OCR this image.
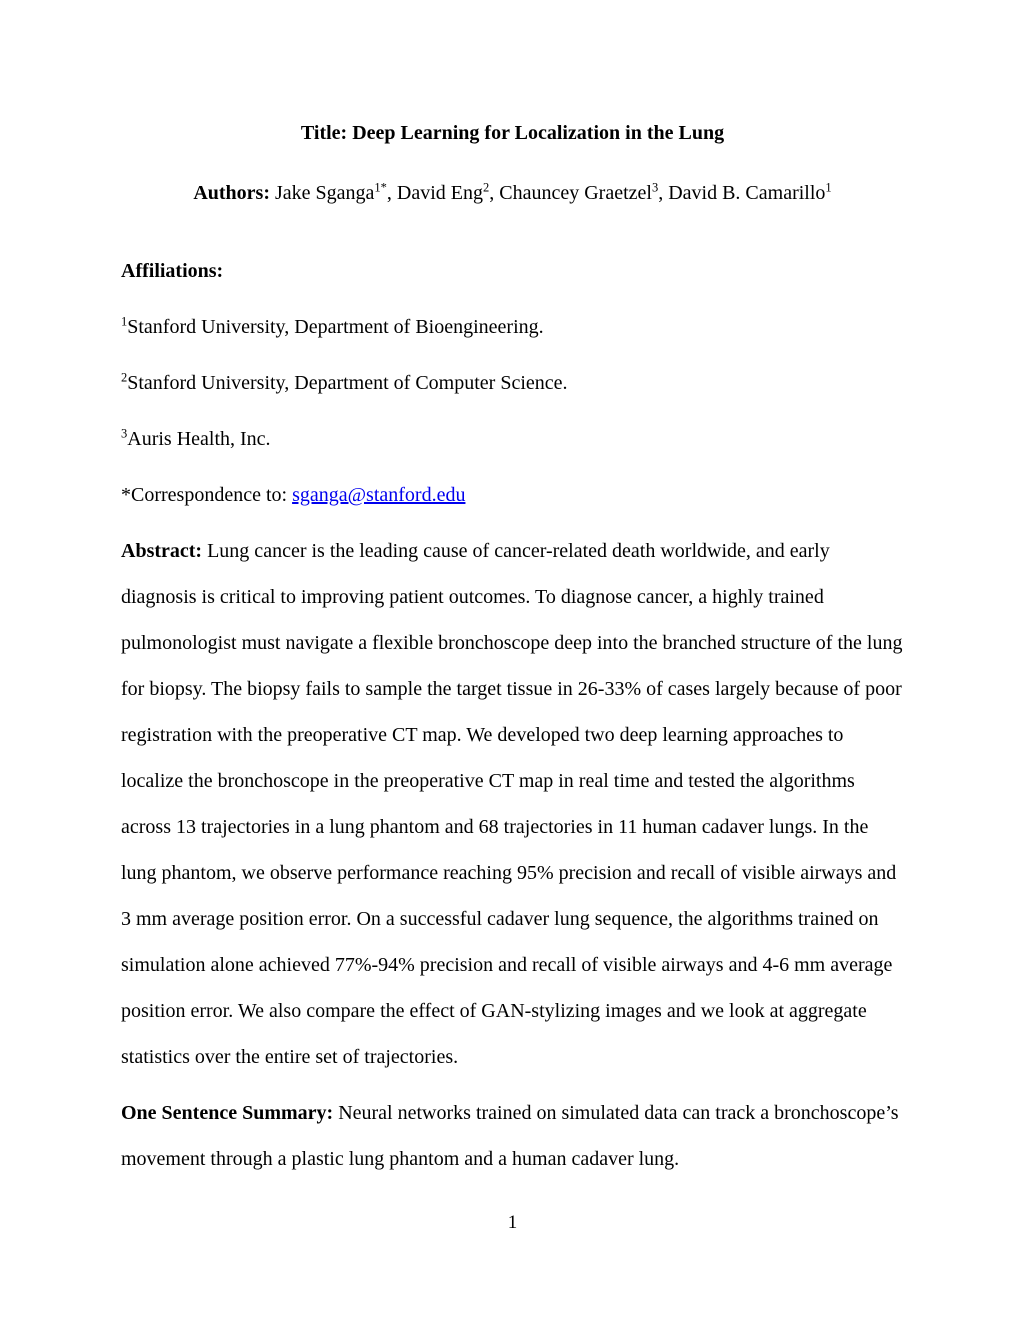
Title: Deep Learning for Localization in the Lung

Authors: Jake Sganga$^{1*}$, David Eng$^2$, Chauncey Graetzel$^3$, David B. Camarillo$^1$

Affiliations:

$^1$Stanford University, Department of Bioengineering.

$^2$Stanford University, Department of Computer Science.

$^3$Auris Health, Inc.

*Correspondence to: sganga@stanford.edu

Abstract: Lung cancer is the leading cause of cancer-related death worldwide, and early diagnosis is critical to improving patient outcomes. To diagnose cancer, a highly trained pulmonologist must navigate a flexible bronchoscope deep into the branched structure of the lung for biopsy. The biopsy fails to sample the target tissue in 26-33% of cases largely because of poor registration with the preoperative CT map. We developed two deep learning approaches to localize the bronchoscope in the preoperative CT map in real time and tested the algorithms across 13 trajectories in a lung phantom and 68 trajectories in 11 human cadaver lungs. In the lung phantom, we observe performance reaching 95% precision and recall of visible airways and 3 mm average position error. On a successful cadaver lung sequence, the algorithms trained on simulation alone achieved 77%-94% precision and recall of visible airways and 4-6 mm average position error. We also compare the effect of GAN-stylizing images and we look at aggregate statistics over the entire set of trajectories.

One Sentence Summary: Neural networks trained on simulated data can track a bronchoscope’s movement through a plastic lung phantom and a human cadaver lung.

1
